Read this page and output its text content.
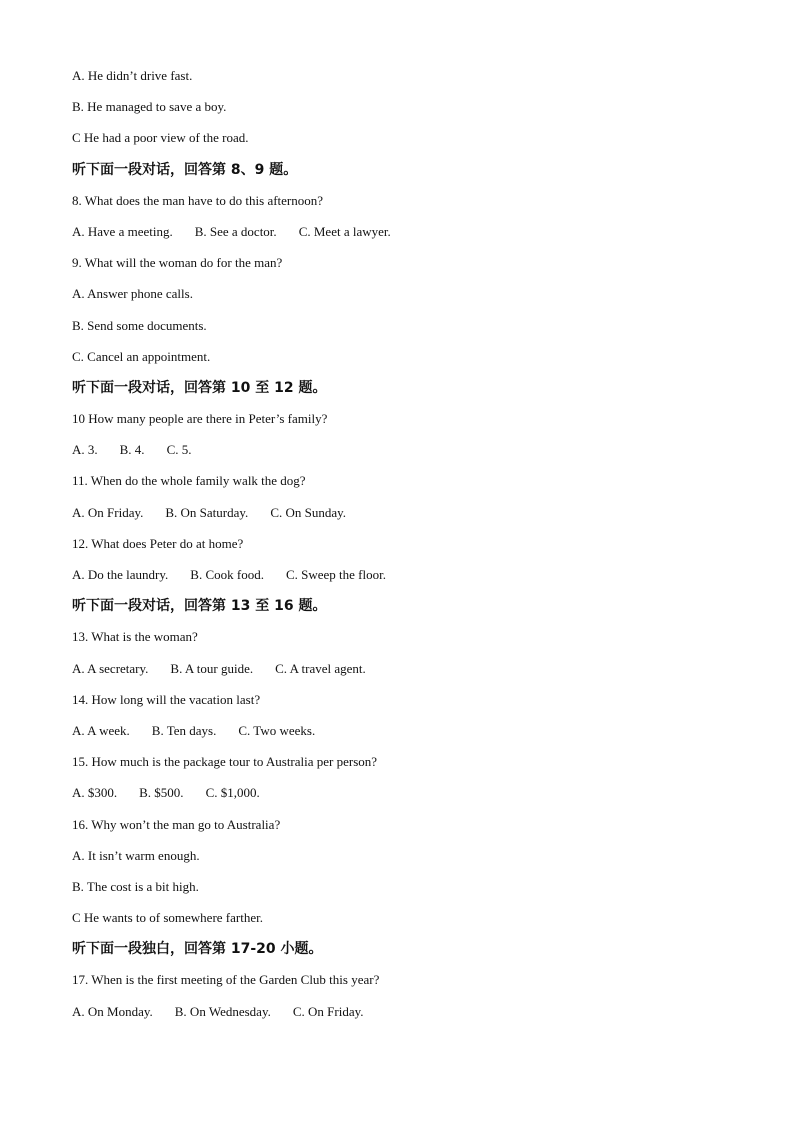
A. He didn’t drive fast.
B. He managed to save a boy.
C He had a poor view of the road.
听下面一段对话，回答第 8、9 题。
8. What does the man have to do this afternoon?
A. Have a meeting. B. See a doctor. C. Meet a lawyer.
9. What will the woman do for the man?
A. Answer phone calls.
B. Send some documents.
C. Cancel an appointment.
听下面一段对话，回答第 10 至 12 题。
10 How many people are there in Peter’s family?
A. 3. B. 4. C. 5.
11. When do the whole family walk the dog?
A. On Friday. B. On Saturday. C. On Sunday.
12. What does Peter do at home?
A. Do the laundry. B. Cook food. C. Sweep the floor.
听下面一段对话，回答第 13 至 16 题。
13. What is the woman?
A. A secretary. B. A tour guide. C. A travel agent.
14. How long will the vacation last?
A. A week. B. Ten days. C. Two weeks.
15. How much is the package tour to Australia per person?
A. $300. B. $500. C. $1,000.
16. Why won’t the man go to Australia?
A. It isn’t warm enough.
B. The cost is a bit high.
C He wants to of somewhere farther.
听下面一段独白，回答第 17-20 小题。
17. When is the first meeting of the Garden Club this year?
A. On Monday. B. On Wednesday. C. On Friday.
